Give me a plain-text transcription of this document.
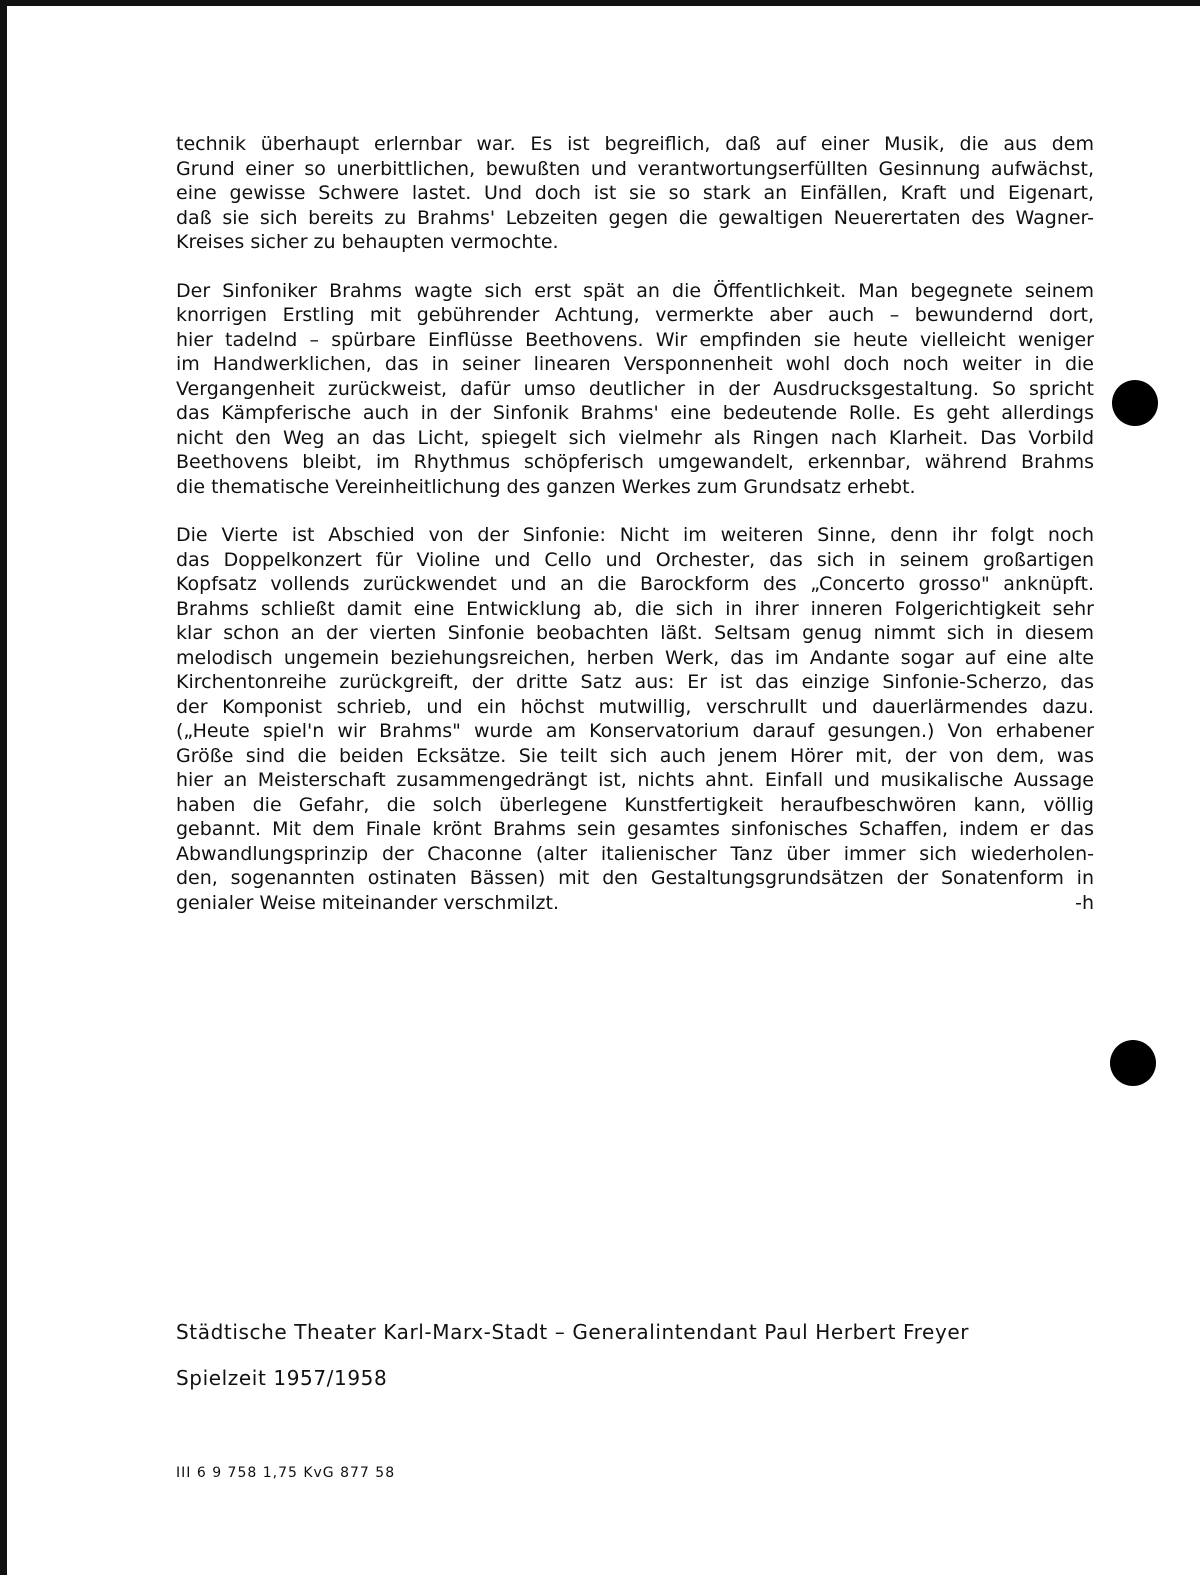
technik überhaupt erlernbar war. Es ist begreiflich, daß auf einer Musik, die aus dem
Grund einer so unerbittlichen, bewußten und verantwortungserfüllten Gesinnung aufwächst,
eine gewisse Schwere lastet. Und doch ist sie so stark an Einfällen, Kraft und Eigenart,
daß sie sich bereits zu Brahms' Lebzeiten gegen die gewaltigen Neuerertaten des Wagner-
Kreises sicher zu behaupten vermochte.

Der Sinfoniker Brahms wagte sich erst spät an die Öffentlichkeit. Man begegnete seinem
knorrigen Erstling mit gebührender Achtung, vermerkte aber auch – bewundernd dort,
hier tadelnd – spürbare Einflüsse Beethovens. Wir empfinden sie heute vielleicht weniger
im Handwerklichen, das in seiner linearen Versponnenheit wohl doch noch weiter in die
Vergangenheit zurückweist, dafür umso deutlicher in der Ausdrucksgestaltung. So spricht
das Kämpferische auch in der Sinfonik Brahms' eine bedeutende Rolle. Es geht allerdings
nicht den Weg an das Licht, spiegelt sich vielmehr als Ringen nach Klarheit. Das Vorbild
Beethovens bleibt, im Rhythmus schöpferisch umgewandelt, erkennbar, während Brahms
die thematische Vereinheitlichung des ganzen Werkes zum Grundsatz erhebt.

Die Vierte ist Abschied von der Sinfonie: Nicht im weiteren Sinne, denn ihr folgt noch
das Doppelkonzert für Violine und Cello und Orchester, das sich in seinem großartigen
Kopfsatz vollends zurückwendet und an die Barockform des „Concerto grosso" anknüpft.
Brahms schließt damit eine Entwicklung ab, die sich in ihrer inneren Folgerichtigkeit sehr
klar schon an der vierten Sinfonie beobachten läßt. Seltsam genug nimmt sich in diesem
melodisch ungemein beziehungsreichen, herben Werk, das im Andante sogar auf eine alte
Kirchentonreihe zurückgreift, der dritte Satz aus: Er ist das einzige Sinfonie-Scherzo, das
der Komponist schrieb, und ein höchst mutwillig, verschrullt und dauerlärmendes dazu.
(„Heute spiel'n wir Brahms" wurde am Konservatorium darauf gesungen.) Von erhabener
Größe sind die beiden Ecksätze. Sie teilt sich auch jenem Hörer mit, der von dem, was
hier an Meisterschaft zusammengedrängt ist, nichts ahnt. Einfall und musikalische Aussage
haben die Gefahr, die solch überlegene Kunstfertigkeit heraufbeschwören kann, völlig
gebannt. Mit dem Finale krönt Brahms sein gesamtes sinfonisches Schaffen, indem er das
Abwandlungsprinzip der Chaconne (alter italienischer Tanz über immer sich wiederholen-
den, sogenannten ostinaten Bässen) mit den Gestaltungsgrundsätzen der Sonatenform in
genialer Weise miteinander verschmilzt.	-h

Städtische Theater Karl-Marx-Stadt – Generalintendant Paul Herbert Freyer
Spielzeit 1957/1958
III 6 9 758 1,75 KvG 877 58
